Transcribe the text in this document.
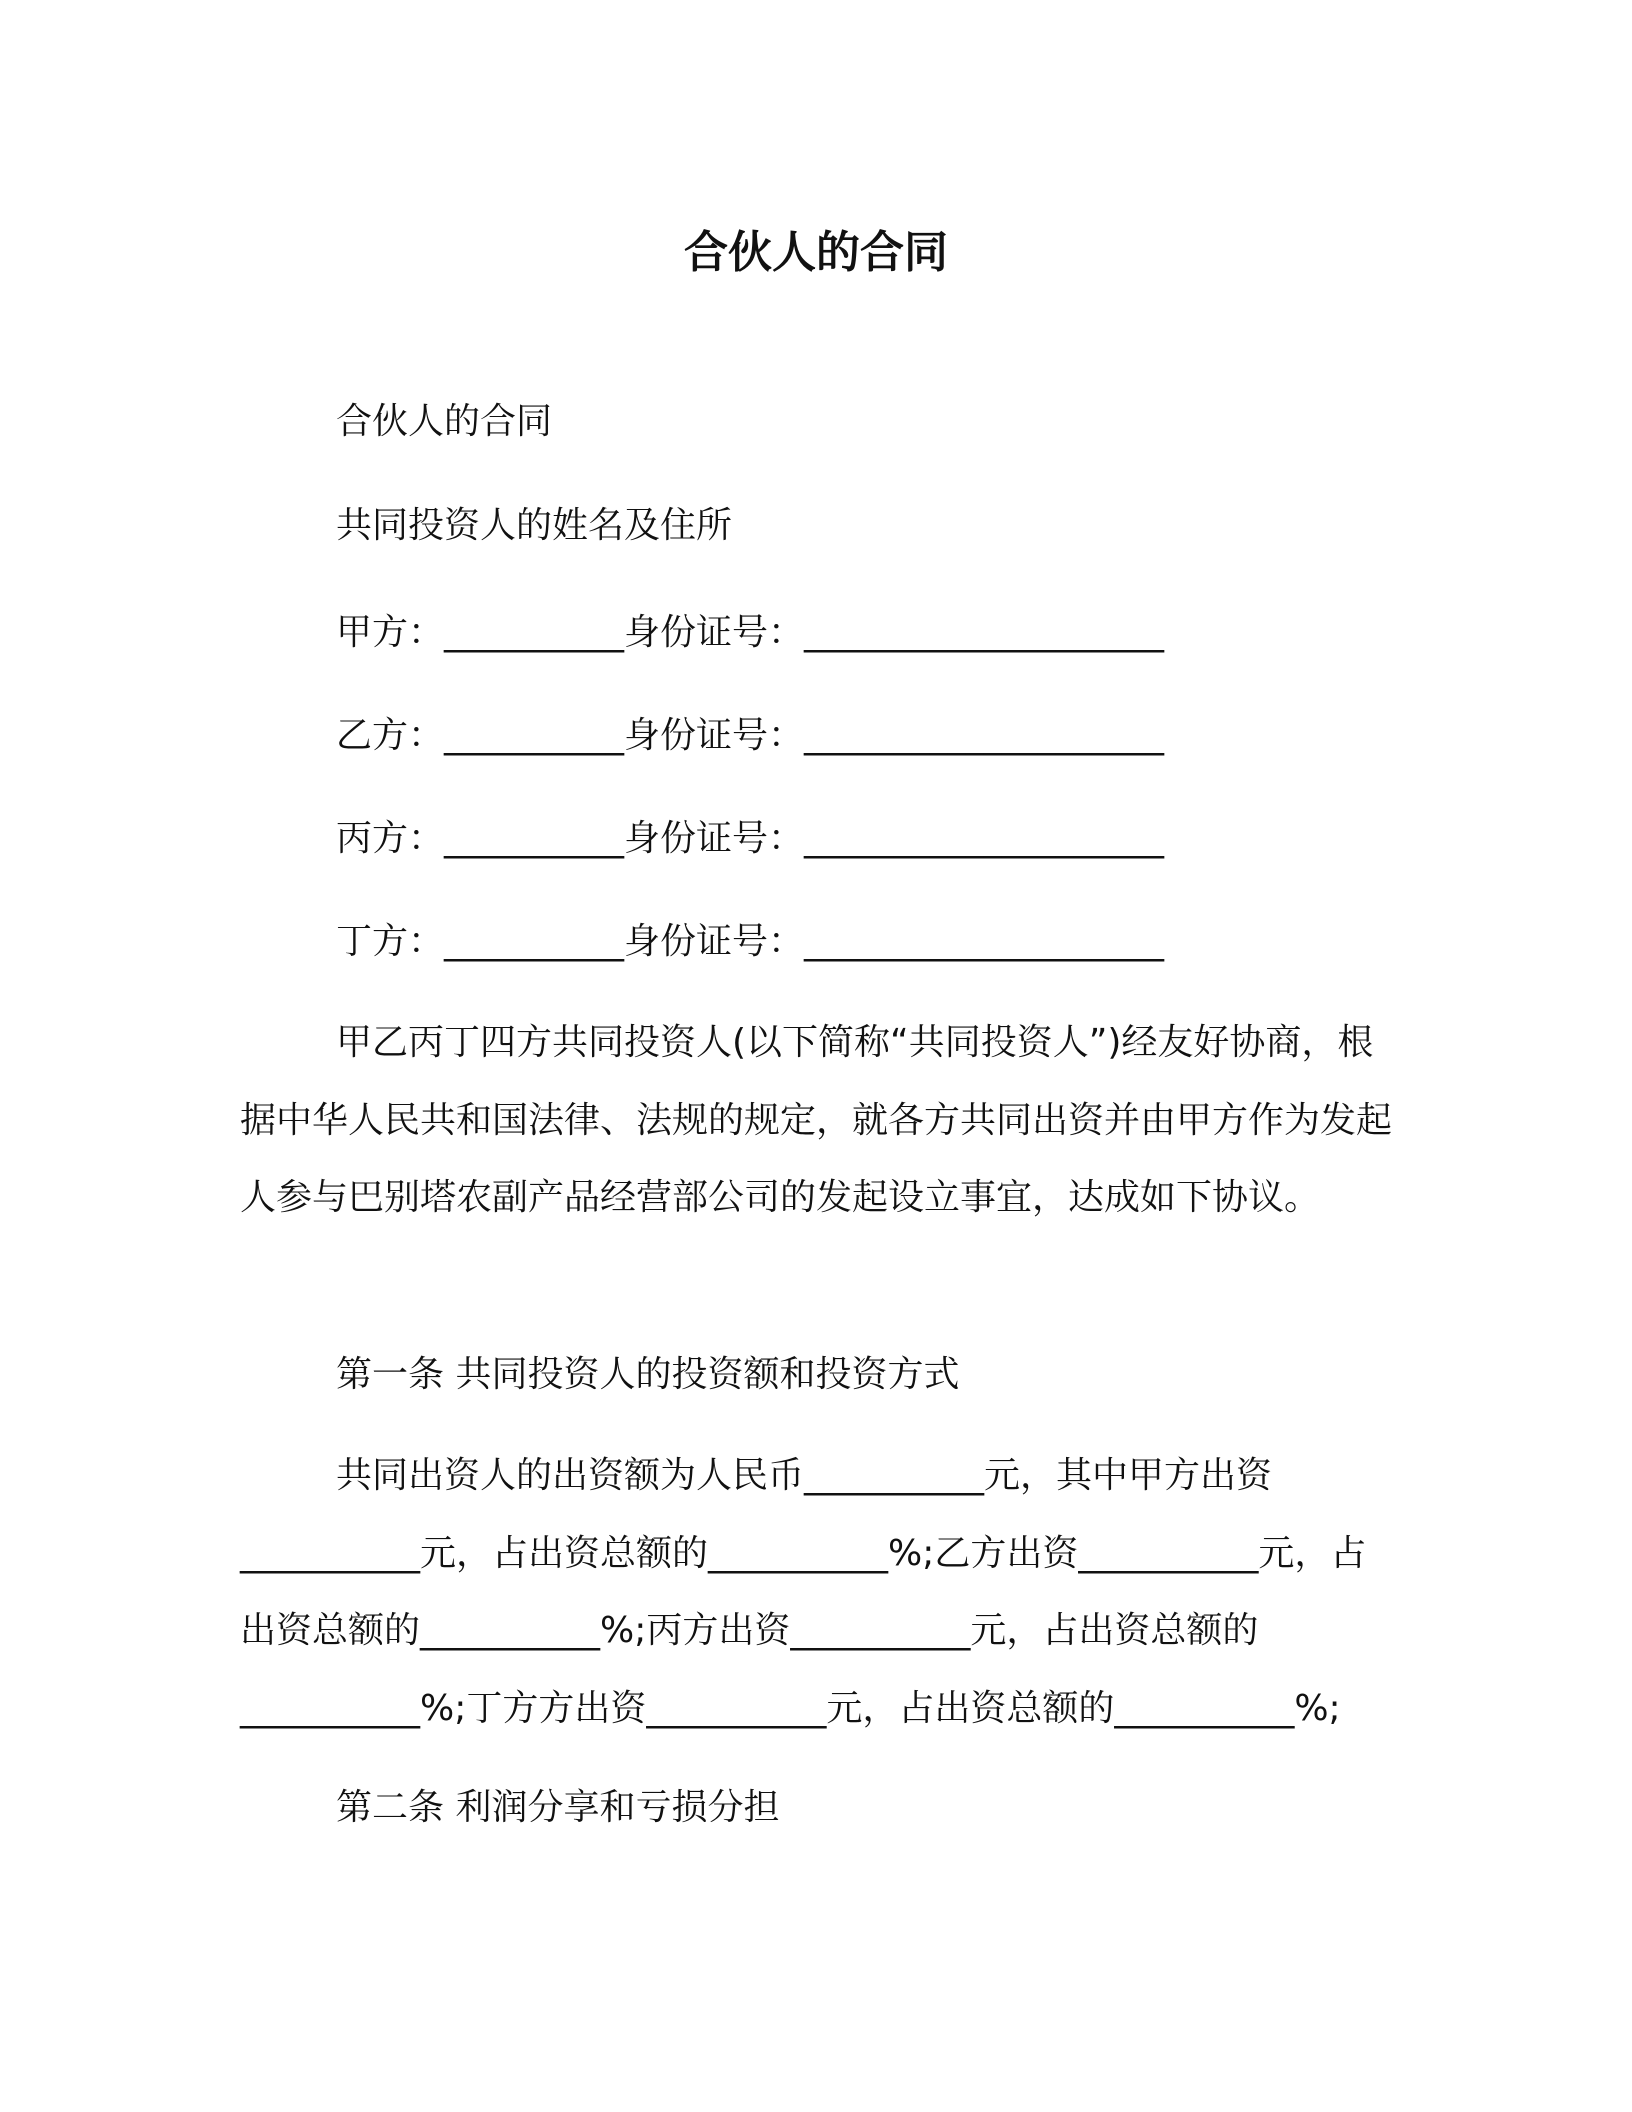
合伙人的合同

合伙人的合同

共同投资人的姓名及住所

甲方：__________身份证号：____________________

乙方：__________身份证号：____________________

丙方：__________身份证号：____________________

丁方：__________身份证号：____________________

甲乙丙丁四方共同投资人(以下简称“共同投资人”)经友好协商，根据中华人民共和国法律、法规的规定，就各方共同出资并由甲方作为发起人参与巴别塔农副产品经营部公司的发起设立事宜，达成如下协议。

第一条 共同投资人的投资额和投资方式

共同出资人的出资额为人民币__________元，其中甲方出资__________元，占出资总额的__________%;乙方出资__________元，占出资总额的__________%;丙方出资__________元，占出资总额的__________%;丁方方出资__________元，占出资总额的__________%;

第二条 利润分享和亏损分担
